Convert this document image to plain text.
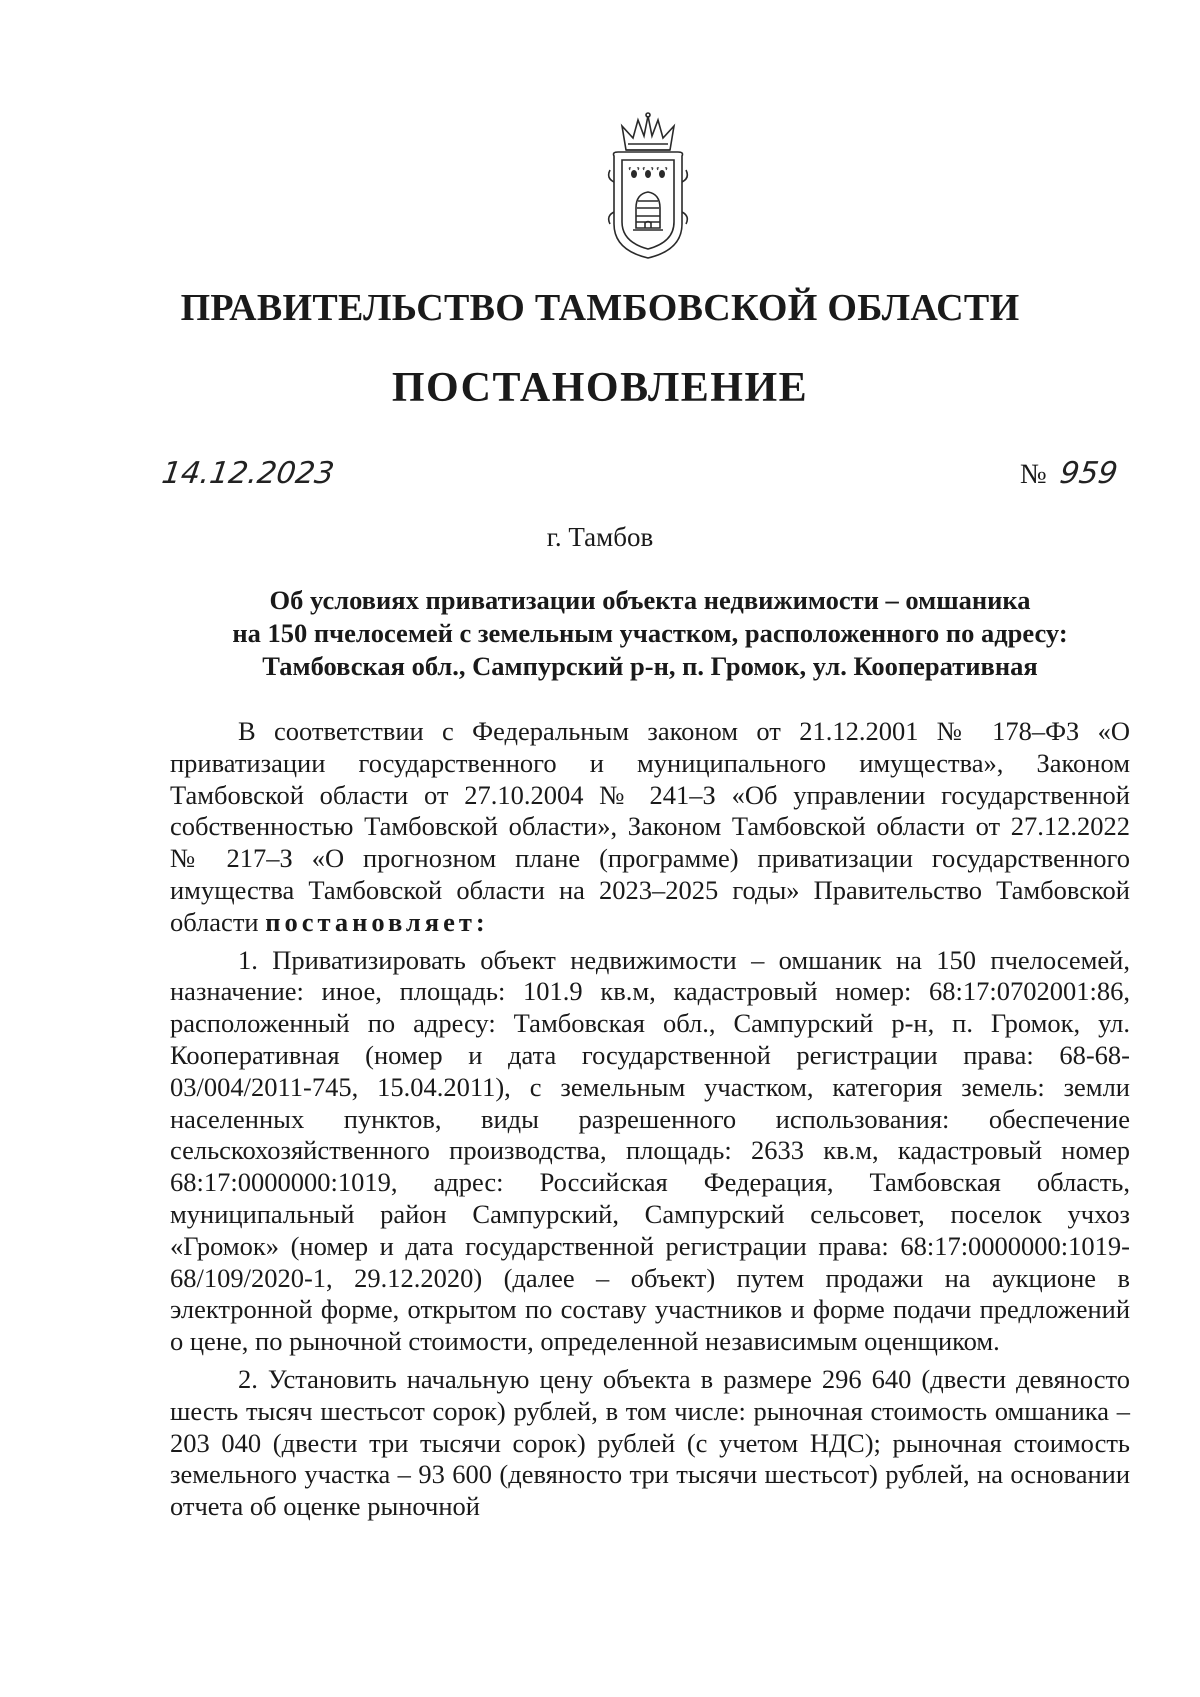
ПРАВИТЕЛЬСТВО ТАМБОВСКОЙ ОБЛАСТИ
ПОСТАНОВЛЕНИЕ
14.12.2023	№ 959
г. Тамбов
Об условиях приватизации объекта недвижимости – омшаника
на 150 пчелосемей с земельным участком, расположенного по адресу:
Тамбовская обл., Сампурский р-н, п. Громок, ул. Кооперативная

В соответствии с Федеральным законом от 21.12.2001 № 178–ФЗ «О приватизации государственного и муниципального имущества», Законом Тамбовской области от 27.10.2004 № 241–З «Об управлении государственной собственностью Тамбовской области», Законом Тамбовской области от 27.12.2022 № 217–З «О прогнозном плане (программе) приватизации государственного имущества Тамбовской области на 2023–2025 годы» Правительство Тамбовской области постановляет:

1. Приватизировать объект недвижимости – омшаник на 150 пчелосемей, назначение: иное, площадь: 101.9 кв.м, кадастровый номер: 68:17:0702001:86, расположенный по адресу: Тамбовская обл., Сампурский р-н, п. Громок, ул. Кооперативная (номер и дата государственной регистрации права: 68-68-03/004/2011-745, 15.04.2011), с земельным участком, категория земель: земли населенных пунктов, виды разрешенного использования: обеспечение сельскохозяйственного производства, площадь: 2633 кв.м, кадастровый номер 68:17:0000000:1019, адрес: Российская Федерация, Тамбовская область, муниципальный район Сампурский, Сампурский сельсовет, поселок учхоз «Громок» (номер и дата государственной регистрации права: 68:17:0000000:1019-68/109/2020-1, 29.12.2020) (далее – объект) путем продажи на аукционе в электронной форме, открытом по составу участников и форме подачи предложений о цене, по рыночной стоимости, определенной независимым оценщиком.

2. Установить начальную цену объекта в размере 296 640 (двести девяносто шесть тысяч шестьсот сорок) рублей, в том числе: рыночная стоимость омшаника – 203 040 (двести три тысячи сорок) рублей (с учетом НДС); рыночная стоимость земельного участка – 93 600 (девяносто три тысячи шестьсот) рублей, на основании отчета об оценке рыночной
